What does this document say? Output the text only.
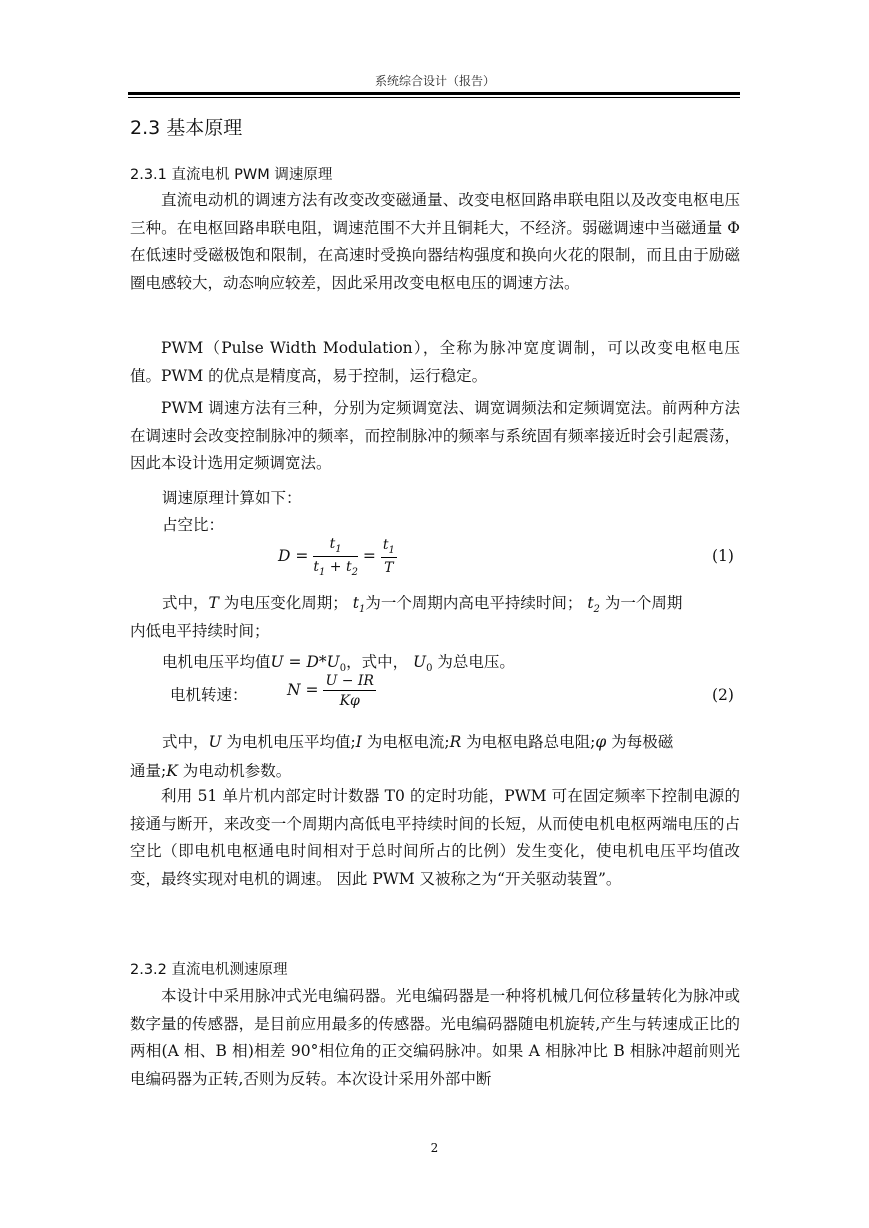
系统综合设计（报告）
2.3 基本原理
2.3.1 直流电机 PWM 调速原理

直流电动机的调速方法有改变改变磁通量、改变电枢回路串联电阻以及改变电枢电压三种。在电枢回路串联电阻，调速范围不大并且铜耗大，不经济。弱磁调速中当磁通量 Φ 在低速时受磁极饱和限制，在高速时受换向器结构强度和换向火花的限制，而且由于励磁圈电感较大，动态响应较差，因此采用改变电枢电压的调速方法。

PWM（Pulse Width Modulation），全称为脉冲宽度调制，可以改变电枢电压值。PWM 的优点是精度高，易于控制，运行稳定。

PWM 调速方法有三种，分别为定频调宽法、调宽调频法和定频调宽法。前两种方法在调速时会改变控制脉冲的频率，而控制脉冲的频率与系统固有频率接近时会引起震荡，因此本设计选用定频调宽法。

调速原理计算如下：
占空比：
$D = \frac{t_1}{t_1 + t_2} = \frac{t_1}{T}$	(1)
式中，T 为电压变化周期； $t_1$为一个周期内高电平持续时间； $t_2$ 为一个周期
内低电平持续时间；
电机电压平均值$U = D*U_0$，式中， $U_0$ 为总电压。
电机转速：	$N = \frac{U - IR}{K\varphi}$	(2)
式中，U 为电机电压平均值;I 为电枢电流;R 为电枢电路总电阻;φ 为每极磁
通量;K 为电动机参数。

利用 51 单片机内部定时计数器 T0 的定时功能，PWM 可在固定频率下控制电源的接通与断开，来改变一个周期内高低电平持续时间的长短，从而使电机电枢两端电压的占空比（即电机电枢通电时间相对于总时间所占的比例）发生变化，使电机电压平均值改变，最终实现对电机的调速。 因此 PWM 又被称之为“开关驱动装置”。

2.3.2 直流电机测速原理

本设计中采用脉冲式光电编码器。光电编码器是一种将机械几何位移量转化为脉冲或数字量的传感器，是目前应用最多的传感器。光电编码器随电机旋转,产生与转速成正比的两相(A 相、B 相)相差 90°相位角的正交编码脉冲。如果 A 相脉冲比 B 相脉冲超前则光电编码器为正转,否则为反转。本次设计采用外部中断

2
